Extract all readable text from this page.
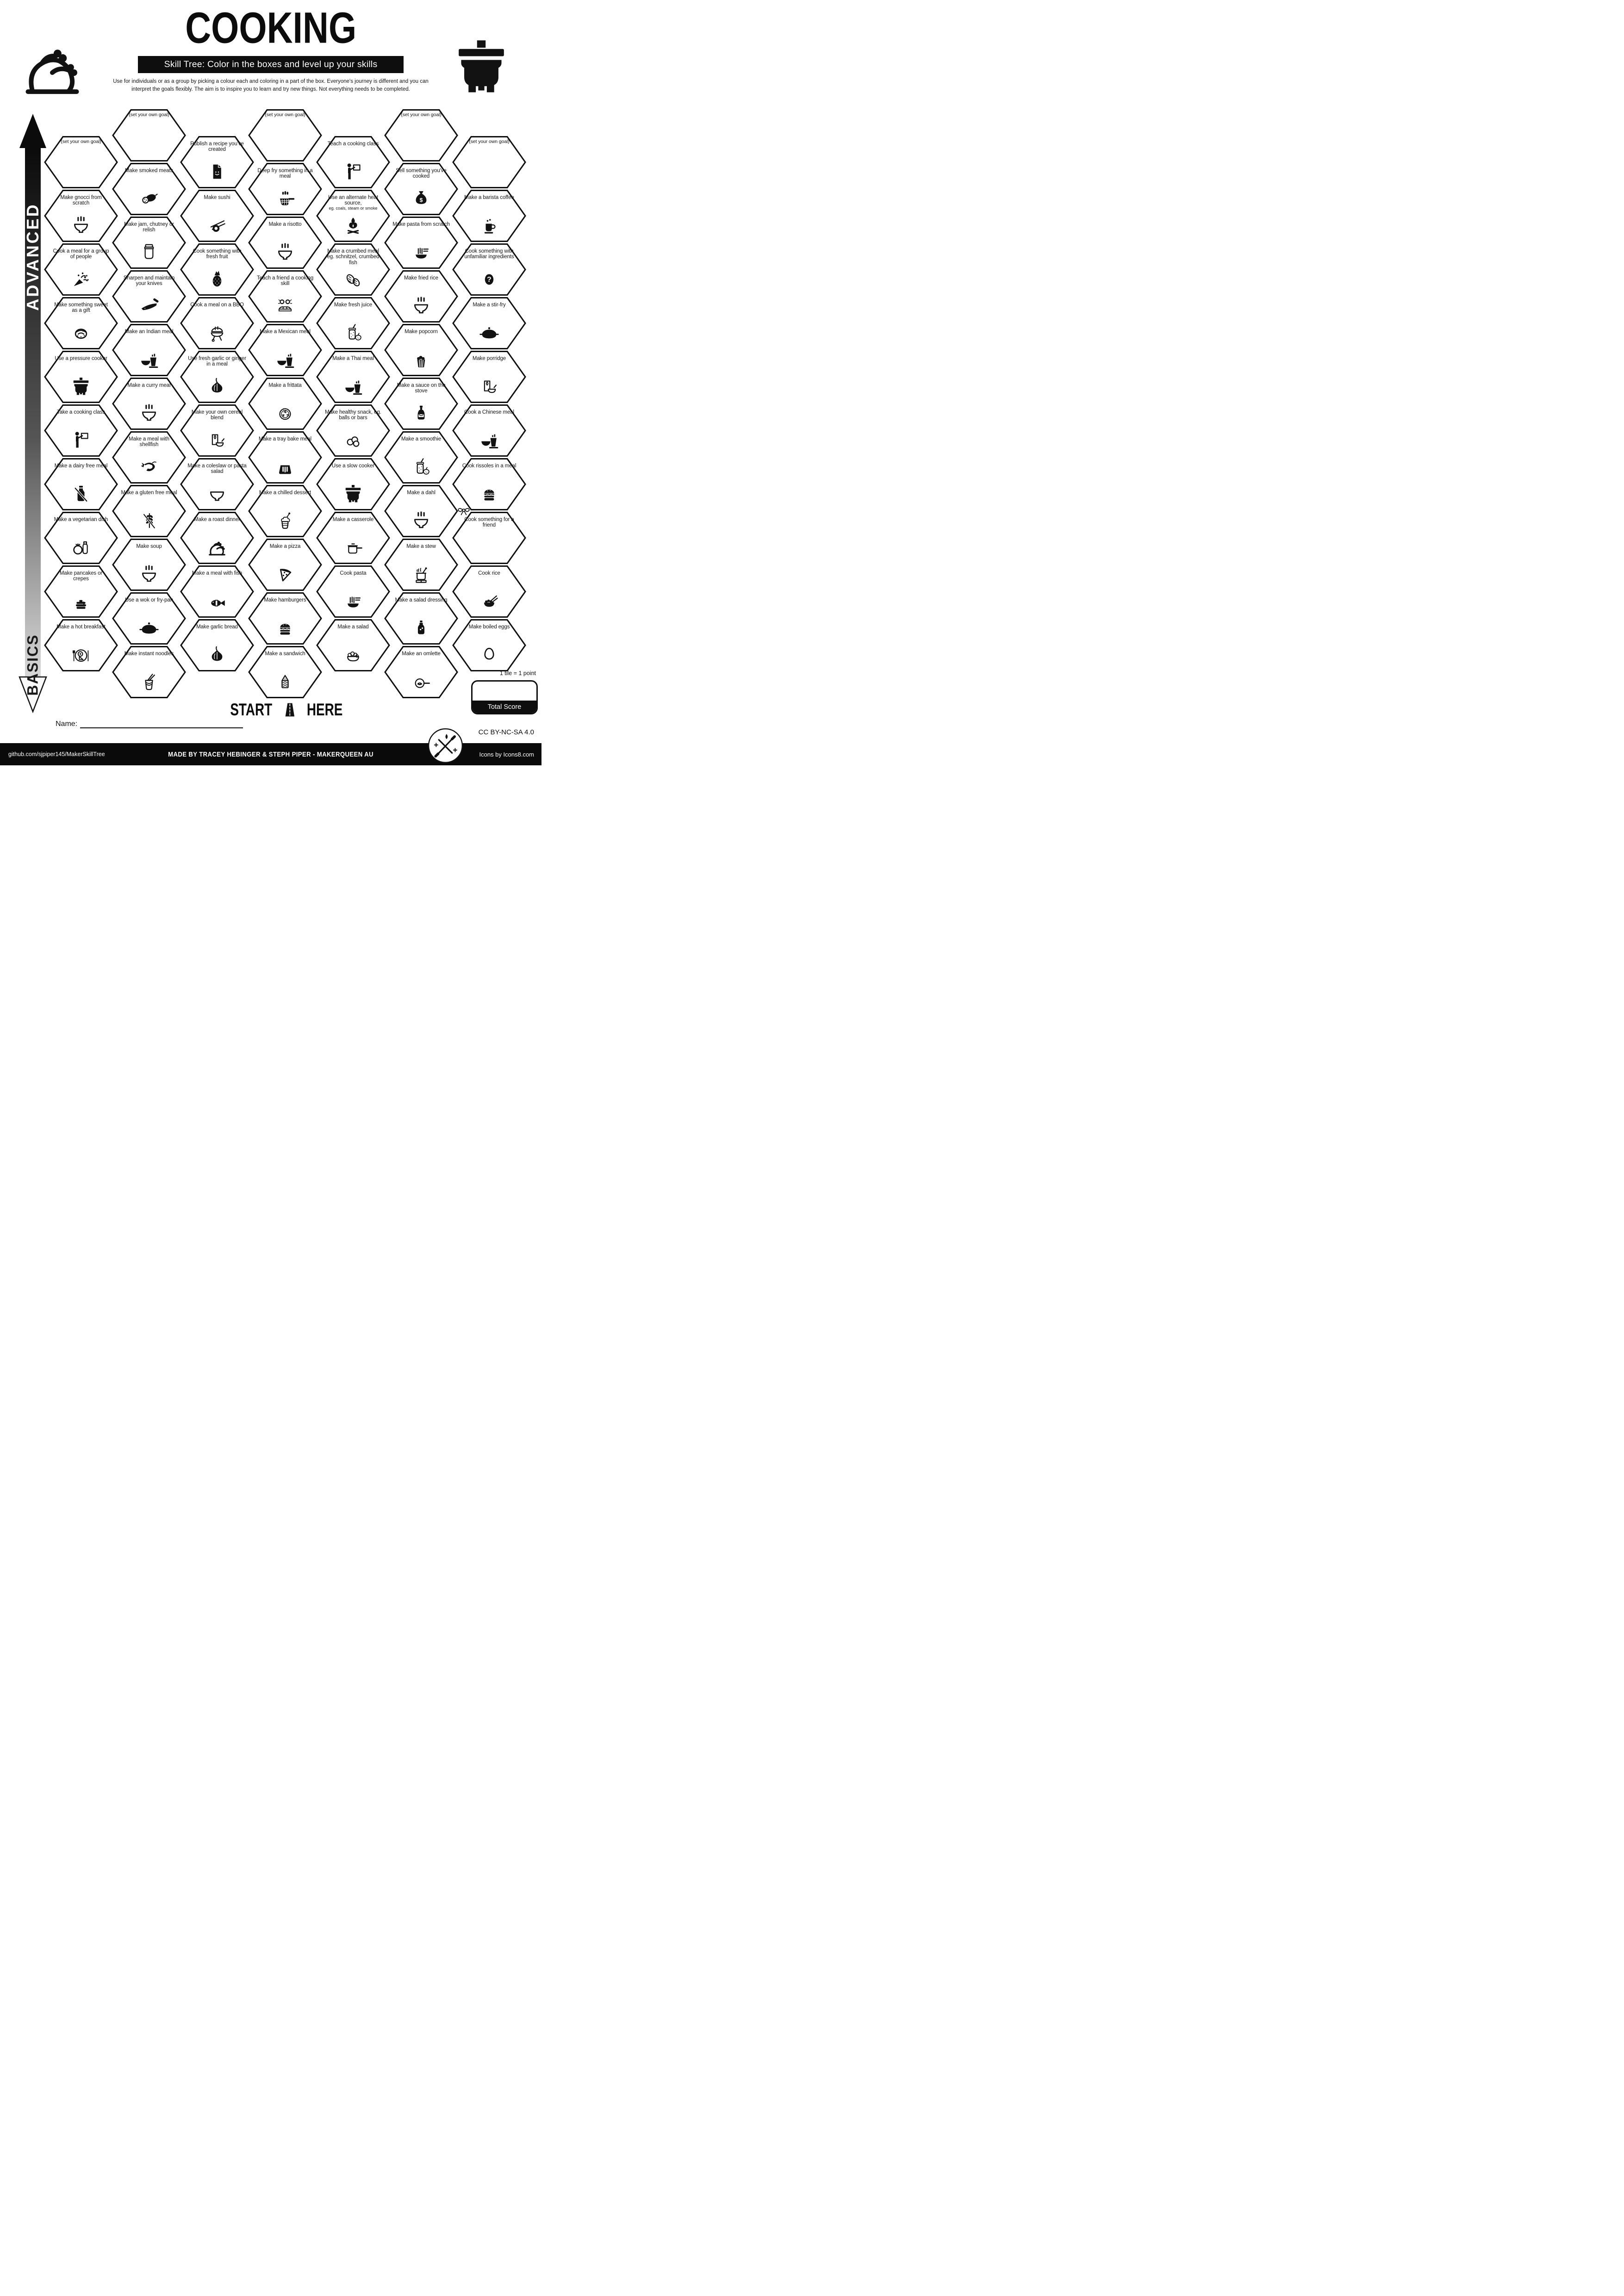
COOKING
Skill Tree: Color in the boxes and level up your skills
Use for individuals or as a group by picking a colour each and coloring in a part of the box. Everyone's journey is different and you can
interpret the goals flexibly. The aim is to inspire you to learn and try new things. Not everything needs to be completed.
ADVANCED
BASICS
(set your own goal)
Make gnocci from scratch
Cook a meal for a group of people
Make something sweet as a gift
Use a pressure cooker
Take a cooking class
Make a dairy free meal
Make a vegetarian dish
Make pancakes or crepes
Make a hot breakfast
(set your own goal)
Make smoked meats
Make jam, chutney or relish
Sharpen and maintain your knives
Make an Indian meal
Make a curry meal
Make a meal with shellfish
Make a gluten free meal
Make soup
Use a wok or fry-pan
Make instant noodles
Publish a recipe you've created
Make sushi
Cook something with fresh fruit
Cook a meal on a BBQ
Use fresh garlic or ginger in a meal
Make your own cereal blend
Make a coleslaw or pasta salad
Make a roast dinner
Make a meal with fish
Make garlic bread
(set your own goal)
Deep fry something in a meal
Make a risotto
Teach a friend a cooking skill
Make a Mexican meal
Make a frittata
Make a tray bake meal
Make a chilled dessert
Make a pizza
Make hamburgers
Make a sandwich
Teach a cooking class
Use an alternate heat source,
eg. coals, steam or smoke
Make a crumbed meal eg. schnitzel, crumbed fish
Make fresh juice
Make a Thai meal
Make healthy snack, eg. balls or bars
Use a slow cooker
Make a casserole
Cook pasta
Make a salad
(set your own goal)
Sell something you've cooked
Make pasta from scratch
Make fried rice
Make popcorn
Make a sauce on the stove
Make a smoothie
Make a dahl
Make a stew
Make a salad dressing
Make an omlette
(set your own goal)
Make a barista coffee
Cook something with unfamiliar ingredients
Make a stir-fry
Make porridge
Cook a Chinese meal
Cook rissoles in a meal
Cook something for a friend
Cook rice
Make boiled eggs
START HERE
1 tile = 1 point
Total Score
Name:
CC BY-NC-SA 4.0
github.com/sjpiper145/MakerSkillTree	MADE BY TRACEY HEBINGER & STEPH PIPER - MAKERQUEEN AU	Icons by Icons8.com
